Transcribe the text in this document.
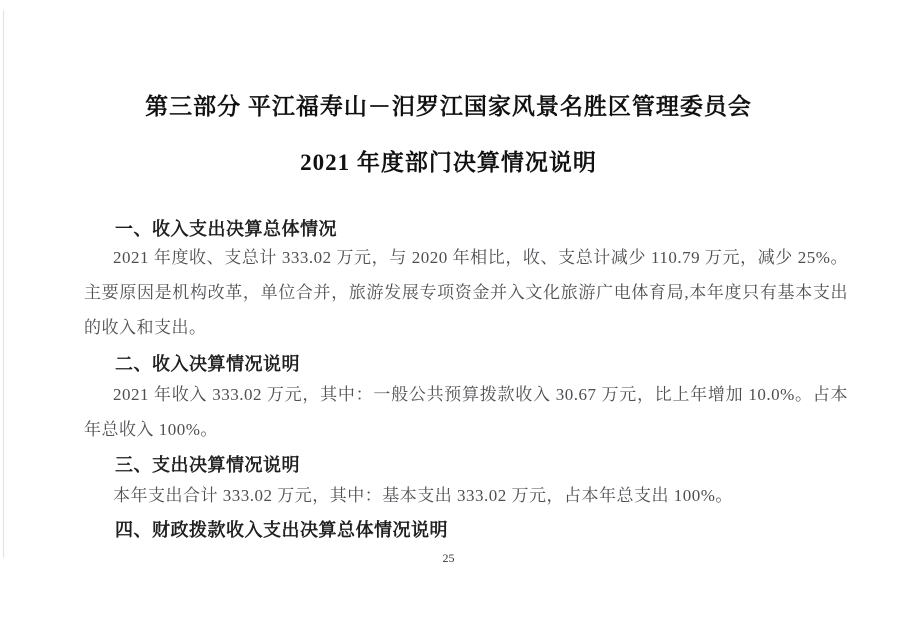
第三部分 平江福寿山－汨罗江国家风景名胜区管理委员会
2021 年度部门决算情况说明
一、收入支出决算总体情况
2021 年度收、支总计 333.02 万元，与 2020 年相比，收、支总计减少 110.79 万元，减少 25%。
主要原因是机构改革，单位合并，旅游发展专项资金并入文化旅游广电体育局,本年度只有基本支出
的收入和支出。
二、收入决算情况说明
2021 年收入 333.02 万元，其中：一般公共预算拨款收入 30.67 万元，比上年增加 10.0%。占本
年总收入 100%。
三、支出决算情况说明
本年支出合计 333.02 万元，其中：基本支出 333.02 万元，占本年总支出 100%。
四、财政拨款收入支出决算总体情况说明
25
